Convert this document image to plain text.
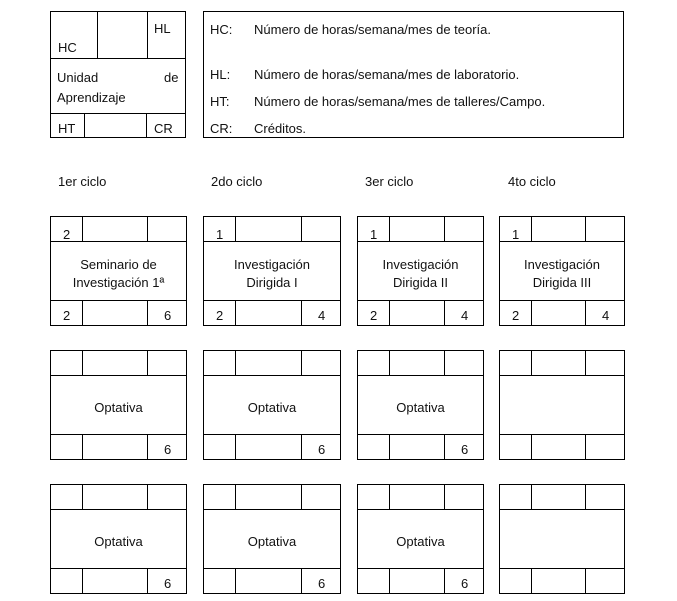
HC
HL
Unidad	de
Aprendizaje
HT	CR
HC: Número de horas/semana/mes de teoría.
HL: Número de horas/semana/mes de laboratorio.
HT: Número de horas/semana/mes de talleres/Campo.
CR: Créditos.
1er ciclo	2do ciclo	3er ciclo	4to ciclo
2
2	6
Seminario de
Investigación 1ª
1
2	4
Investigación
Dirigida I
1
2	4
Investigación
Dirigida II
1
2	4
Investigación
Dirigida III
6
Optativa
6
Optativa
6
Optativa
6
Optativa
6
Optativa
6
Optativa
